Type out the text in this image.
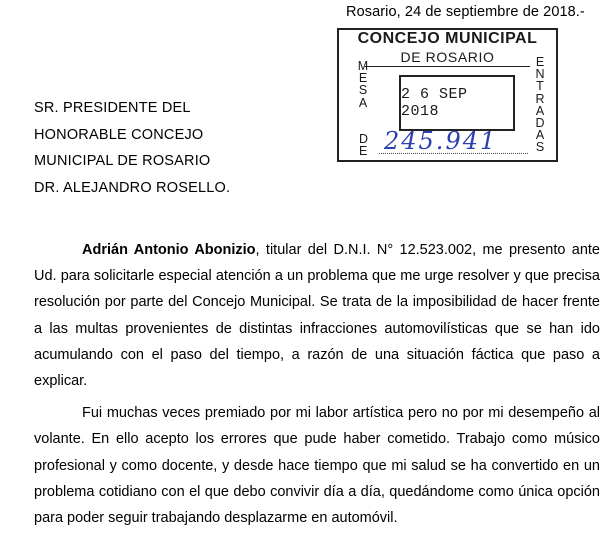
Rosario, 24 de septiembre de 2018.-
CONCEJO MUNICIPAL
DE ROSARIO
M
E
S
A
E
N
T
R
A
D
A
S
2 6 SEP 2018
D
E 245.941
SR. PRESIDENTE DEL
HONORABLE CONCEJO
MUNICIPAL DE ROSARIO
DR. ALEJANDRO ROSELLO.

Adrián Antonio Abonizio, titular del D.N.I. N° 12.523.002, me presento ante Ud. para solicitarle especial atención a un problema que me urge resolver y que precisa resolución por parte del Concejo Municipal. Se trata de la imposibilidad de hacer frente a las multas provenientes de distintas infracciones automovilísticas que se han ido acumulando con el paso del tiempo, a razón de una situación fáctica que paso a explicar.

Fui muchas veces premiado por mi labor artística pero no por mi desempeño al volante. En ello acepto los errores que pude haber cometido. Trabajo como músico profesional y como docente, y desde hace tiempo que mi salud se ha convertido en un problema cotidiano con el que debo convivir día a día, quedándome como única opción para poder seguir trabajando desplazarme en automóvil.
